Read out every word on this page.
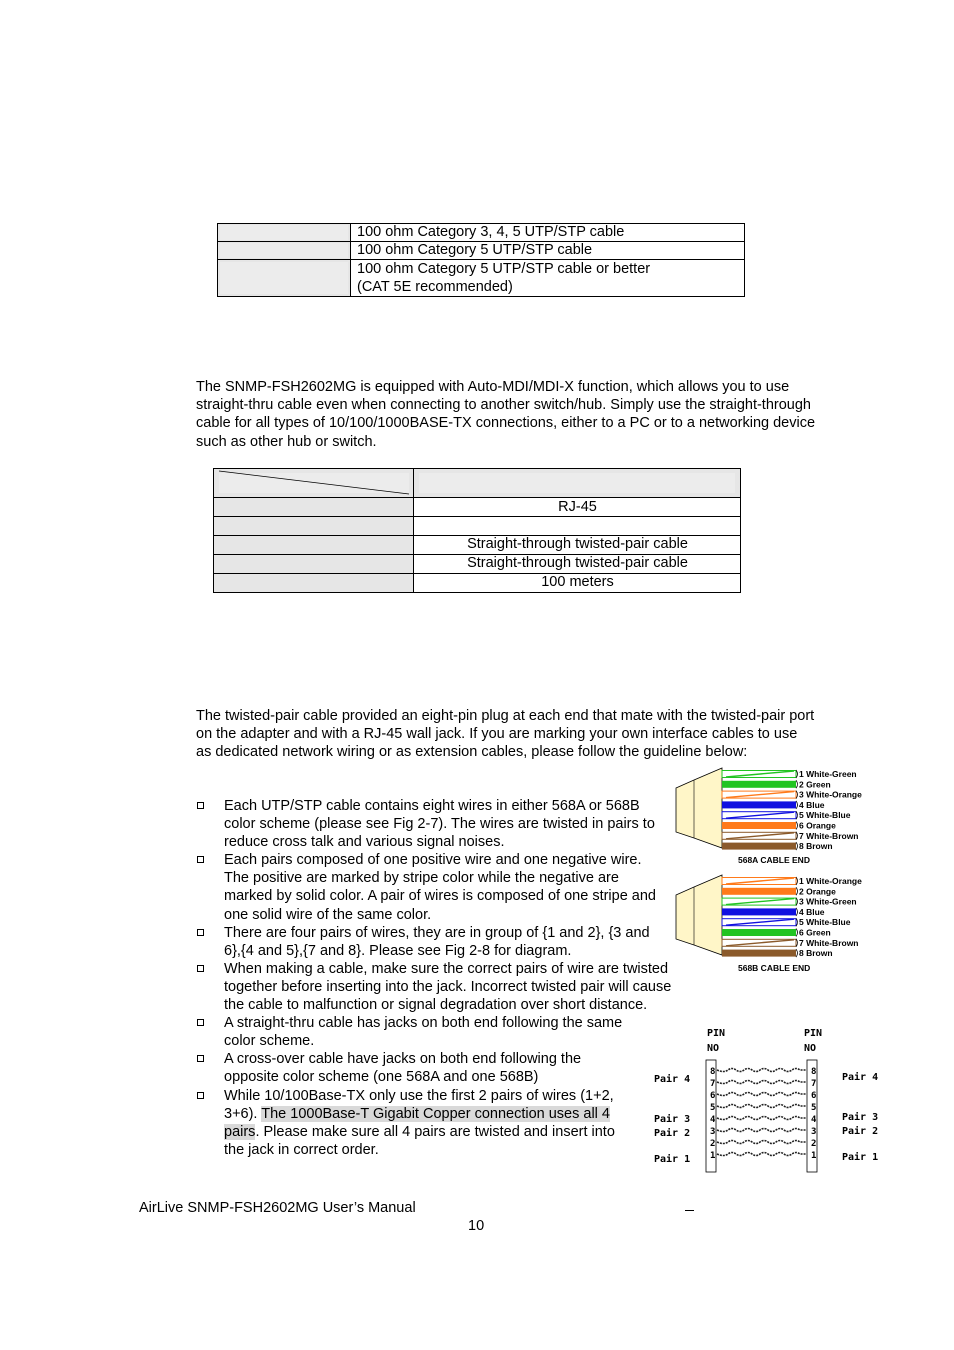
	100 ohm Category 3, 4, 5 UTP/STP cable

	100 ohm Category 5 UTP/STP cable

	100 ohm Category 5 UTP/STP cable or better
(CAT 5E recommended)
The SNMP-FSH2602MG is equipped with Auto-MDI/MDI-X function, which allows you to use straight-thru cable even when connecting to another switch/hub. Simply use the straight-through cable for all types of 10/100/1000BASE-TX connections, either to a PC or to a networking device such as other hub or switch.
RJ-45
Straight-through twisted-pair cable
Straight-through twisted-pair cable
100 meters
The twisted-pair cable provided an eight-pin plug at each end that mate with the twisted-pair port on the adapter and with a RJ-45 wall jack. If you are marking your own interface cables to use as dedicated network wiring or as extension cables, please follow the guideline below:
Each UTP/STP cable contains eight wires in either 568A or 568B color scheme (please see Fig 2-7). The wires are twisted in pairs to reduce cross talk and various signal noises.
Each pairs composed of one positive wire and one negative wire. The positive are marked by stripe color while the negative are marked by solid color. A pair of wires is composed of one stripe and one solid wire of the same color.
There are four pairs of wires, they are in group of {1 and 2}, {3 and 6},{4 and 5},{7 and 8}. Please see Fig 2-8 for diagram.
When making a cable, make sure the correct pairs of wire are twisted together before inserting into the jack. Incorrect twisted pair will cause the cable to malfunction or signal degradation over short distance.
A straight-thru cable has jacks on both end following the same color scheme.
A cross-over cable have jacks on both end following the opposite color scheme (one 568A and one 568B)
While 10/100Base-TX only use the first 2 pairs of wires (1+2, 3+6). The 1000Base-T Gigabit Copper connection uses all 4 pairs. Please make sure all 4 pairs are twisted and insert into the jack in correct order.
1 White-Green
2 Green
3 White-Orange
4 Blue
5 White-Blue
6 Orange
7 White-Brown
8 Brown
568A CABLE END
1 White-Orange
2 Orange
3 White-Green
4 Blue
5 White-Blue
6 Green
7 White-Brown
8 Brown
568B CABLE END
PIN
NO
PIN
NO
8	8
7	7
6	6
5	5
4	4
3	3
2	2
1	1
Pair 4
Pair 3
Pair 2
Pair 1
Pair 4
Pair 3
Pair 2
Pair 1
AirLive SNMP-FSH2602MG User’s Manual
10
